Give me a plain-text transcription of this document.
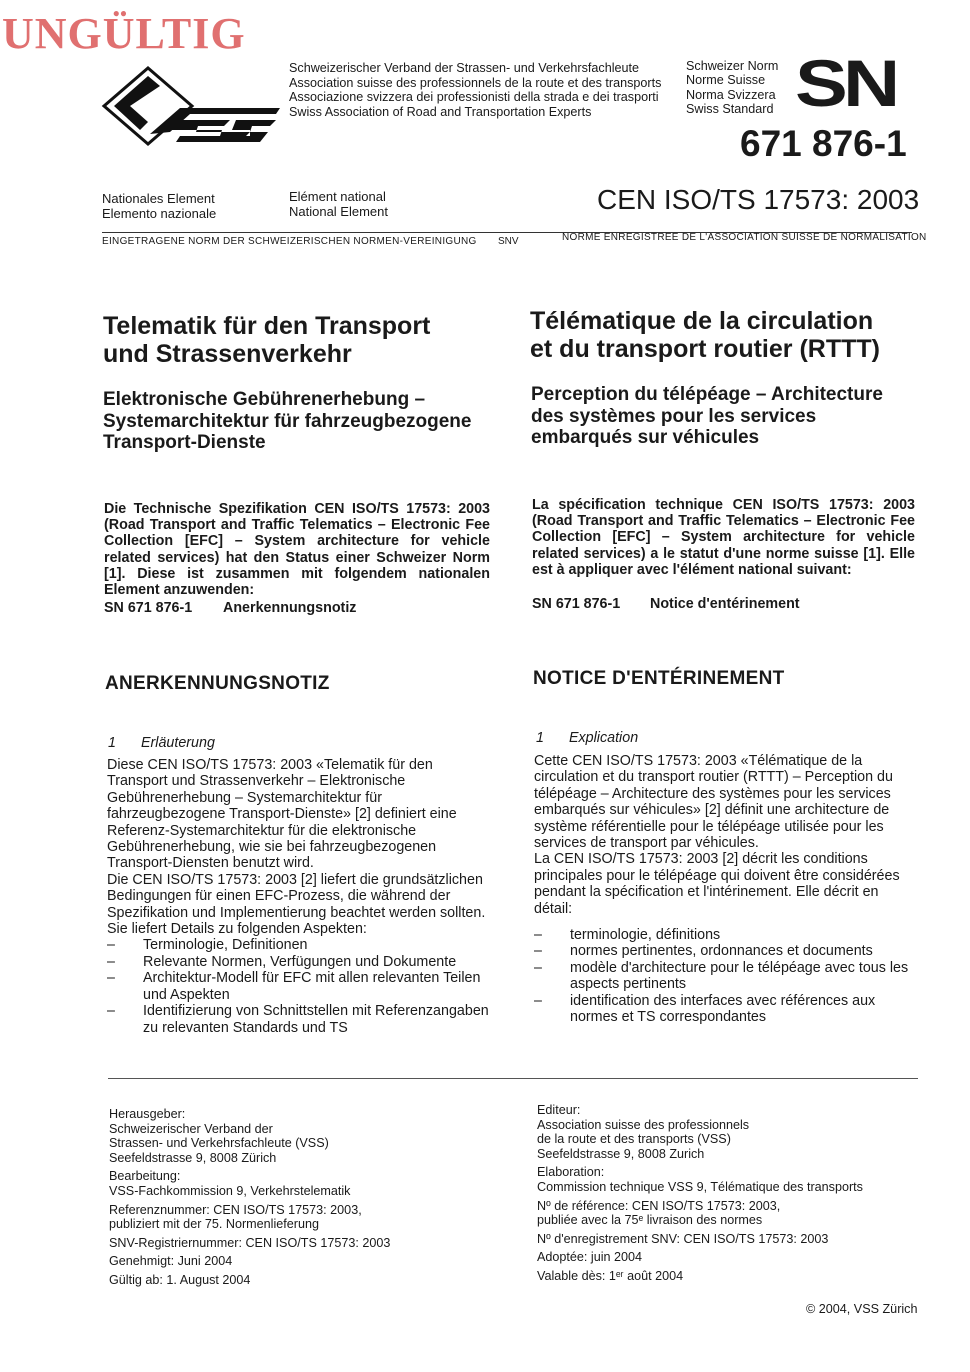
UNGÜLTIG
Schweizerischer Verband der Strassen- und Verkehrsfachleute
Association suisse des professionnels de la route et des transports
Associazione svizzera dei professionisti della strada e dei trasporti
Swiss Association of Road and Transportation Experts
Schweizer Norm
Norme Suisse
Norma Svizzera
Swiss Standard SN
671 876-1
Nationales Element
Elemento nazionale
Elément national
National Element	CEN ISO/TS 17573: 2003
EINGETRAGENE NORM DER SCHWEIZERISCHEN NORMEN-VEREINIGUNG SNV	NORME ENREGISTREE DE L'ASSOCIATION SUISSE DE NORMALISATION
Telematik für den Transport
und Strassenverkehr
Elektronische Gebührenerhebung –
Systemarchitektur für fahrzeugbezogene
Transport-Dienste
Die Technische Spezifikation CEN ISO/TS 17573: 2003 (Road Transport and Traffic Telematics – Electronic Fee Collection [EFC] – System architecture for vehicle related services) hat den Status einer Schweizer Norm [1]. Diese ist zusammen mit folgendem nationalen Element anzuwenden:
SN 671 876-1 Anerkennungsnotiz
ANERKENNUNGSNOTIZ
1 Erläuterung

Diese CEN ISO/TS 17573: 2003 «Telematik für den Transport und Strassenverkehr – Elektronische Gebührenerhebung – Systemarchitektur für fahrzeugbezogene Transport-Dienste» [2] definiert eine Referenz-Systemarchitektur für die elektronische Gebührenerhebung, wie sie bei fahrzeugbezogenen Transport-Diensten benutzt wird.

Die CEN ISO/TS 17573: 2003 [2] liefert die grundsätzlichen Bedingungen für einen EFC-Prozess, die während der Spezifikation und Implementierung beachtet werden sollten. Sie liefert Details zu folgenden Aspekten:

– Terminologie, Definitionen
– Relevante Normen, Verfügungen und Dokumente
– Architektur-Modell für EFC mit allen relevanten Teilen und Aspekten
– Identifizierung von Schnittstellen mit Referenzangaben zu relevanten Standards und TS
Télématique de la circulation
et du transport routier (RTTT)
Perception du télépéage – Architecture
des systèmes pour les services
embarqués sur véhicules
La spécification technique CEN ISO/TS 17573: 2003 (Road Transport and Traffic Telematics – Electronic Fee Collection [EFC] – System architecture for vehicle related services) a le statut d'une norme suisse [1]. Elle est à appliquer avec l'élément national suivant:
SN 671 876-1 Notice d'entérinement
NOTICE D'ENTÉRINEMENT
1 Explication

Cette CEN ISO/TS 17573: 2003 «Télématique de la circulation et du transport routier (RTTT) – Perception du télépéage – Architecture des systèmes pour les services embarqués sur véhicules» [2] définit une architecture de système référentielle pour le télépéage utilisée pour les services de transport par véhicules.

La CEN ISO/TS 17573: 2003 [2] décrit les conditions principales pour le télépéage qui doivent être considérées pendant la spécification et l'intérinement. Elle décrit en détail:

– terminologie, définitions
– normes pertinentes, ordonnances et documents
– modèle d'architecture pour le télépéage avec tous les aspects pertinents
– identification des interfaces avec références aux normes et TS correspondantes

Herausgeber:
Schweizerischer Verband der
Strassen- und Verkehrsfachleute (VSS)
Seefeldstrasse 9, 8008 Zürich

Bearbeitung:
VSS-Fachkommission 9, Verkehrstelematik

Referenznummer: CEN ISO/TS 17573: 2003,
publiziert mit der 75. Normenlieferung

SNV-Registriernummer: CEN ISO/TS 17573: 2003

Genehmigt: Juni 2004

Gültig ab: 1. August 2004

Editeur:
Association suisse des professionnels
de la route et des transports (VSS)
Seefeldstrasse 9, 8008 Zurich

Elaboration:
Commission technique VSS 9, Télématique des transports

Nº de référence: CEN ISO/TS 17573: 2003,
publiée avec la 75ᵉ livraison des normes

Nº d'enregistrement SNV: CEN ISO/TS 17573: 2003

Adoptée: juin 2004

Valable dès: 1ᵉʳ août 2004

© 2004, VSS Zürich
